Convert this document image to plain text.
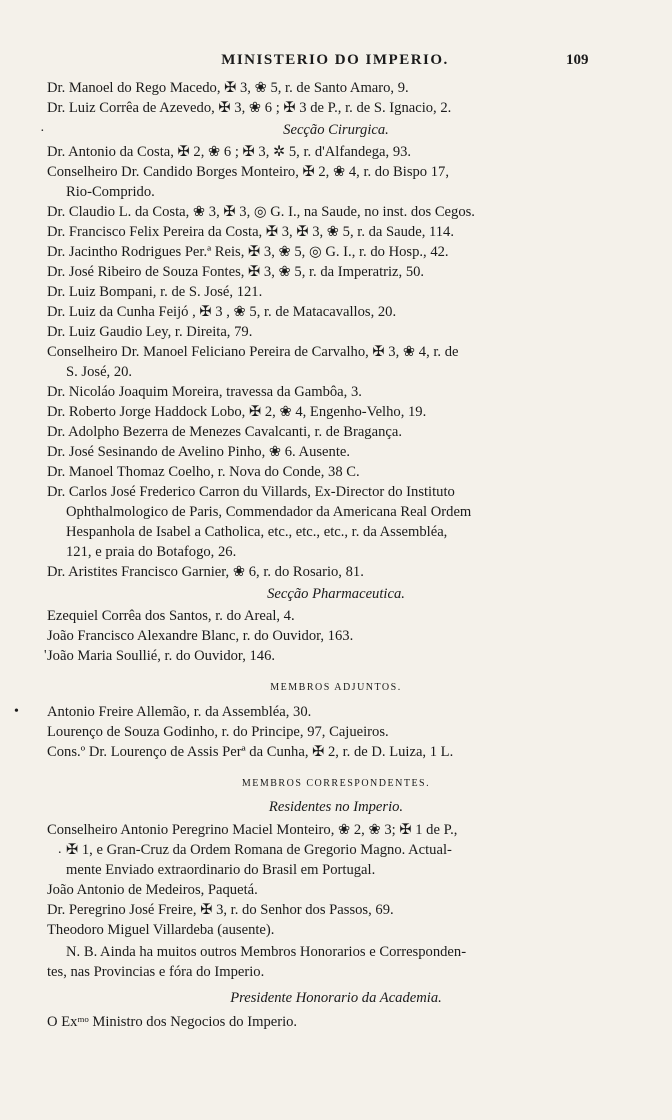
MINISTERIO DO IMPERIO.	109
Dr. Manoel do Rego Macedo, ✠ 3, ❀ 5, r. de Santo Amaro, 9.
Dr. Luiz Corrêa de Azevedo, ✠ 3, ❀ 6 ; ✠ 3 de P., r. de S. Ignacio, 2.
Secção Cirurgica.
Dr. Antonio da Costa, ✠ 2, ❀ 6 ; ✠ 3, ✲ 5, r. d'Alfandega, 93.
Conselheiro Dr. Candido Borges Monteiro, ✠ 2, ❀ 4, r. do Bispo 17,
Rio-Comprido.
Dr. Claudio L. da Costa, ❀ 3, ✠ 3, ◎ G. I., na Saude, no inst. dos Cegos.
Dr. Francisco Felix Pereira da Costa, ✠ 3, ✠ 3, ❀ 5, r. da Saude, 114.
Dr. Jacintho Rodrigues Per.ª Reis, ✠ 3, ❀ 5, ◎ G. I., r. do Hosp., 42.
Dr. José Ribeiro de Souza Fontes, ✠ 3, ❀ 5, r. da Imperatriz, 50.
Dr. Luiz Bompani, r. de S. José, 121.
Dr. Luiz da Cunha Feijó , ✠ 3 , ❀ 5, r. de Matacavallos, 20.
Dr. Luiz Gaudio Ley, r. Direita, 79.
Conselheiro Dr. Manoel Feliciano Pereira de Carvalho, ✠ 3, ❀ 4, r. de
S. José, 20.
Dr. Nicoláo Joaquim Moreira, travessa da Gambôa, 3.
Dr. Roberto Jorge Haddock Lobo, ✠ 2, ❀ 4, Engenho-Velho, 19.
Dr. Adolpho Bezerra de Menezes Cavalcanti, r. de Bragança.
Dr. José Sesinando de Avelino Pinho, ❀ 6. Ausente.
Dr. Manoel Thomaz Coelho, r. Nova do Conde, 38 C.
Dr. Carlos José Frederico Carron du Villards, Ex-Director do Instituto
Ophthalmologico de Paris, Commendador da Americana Real Ordem
Hespanhola de Isabel a Catholica, etc., etc., etc., r. da Assembléa,
121, e praia do Botafogo, 26.
Dr. Aristites Francisco Garnier, ❀ 6, r. do Rosario, 81.
Secção Pharmaceutica.
Ezequiel Corrêa dos Santos, r. do Areal, 4.
João Francisco Alexandre Blanc, r. do Ouvidor, 163.
João Maria Soullié, r. do Ouvidor, 146.
MEMBROS ADJUNTOS.
Antonio Freire Allemão, r. da Assembléa, 30.
Lourenço de Souza Godinho, r. do Principe, 97, Cajueiros.
Cons.º Dr. Lourenço de Assis Perª da Cunha, ✠ 2, r. de D. Luiza, 1 L.
MEMBROS CORRESPONDENTES.
Residentes no Imperio.
Conselheiro Antonio Peregrino Maciel Monteiro, ❀ 2, ❀ 3; ✠ 1 de P.,
✠ 1, e Gran-Cruz da Ordem Romana de Gregorio Magno. Actual-
mente Enviado extraordinario do Brasil em Portugal.
João Antonio de Medeiros, Paquetá.
Dr. Peregrino José Freire, ✠ 3, r. do Senhor dos Passos, 69.
Theodoro Miguel Villardeba (ausente).
N. B. Ainda ha muitos outros Membros Honorarios e Corresponden-
tes, nas Provincias e fóra do Imperio.
Presidente Honorario da Academia.
O Exᵐᵒ Ministro dos Negocios do Imperio.
·
'
•
.
